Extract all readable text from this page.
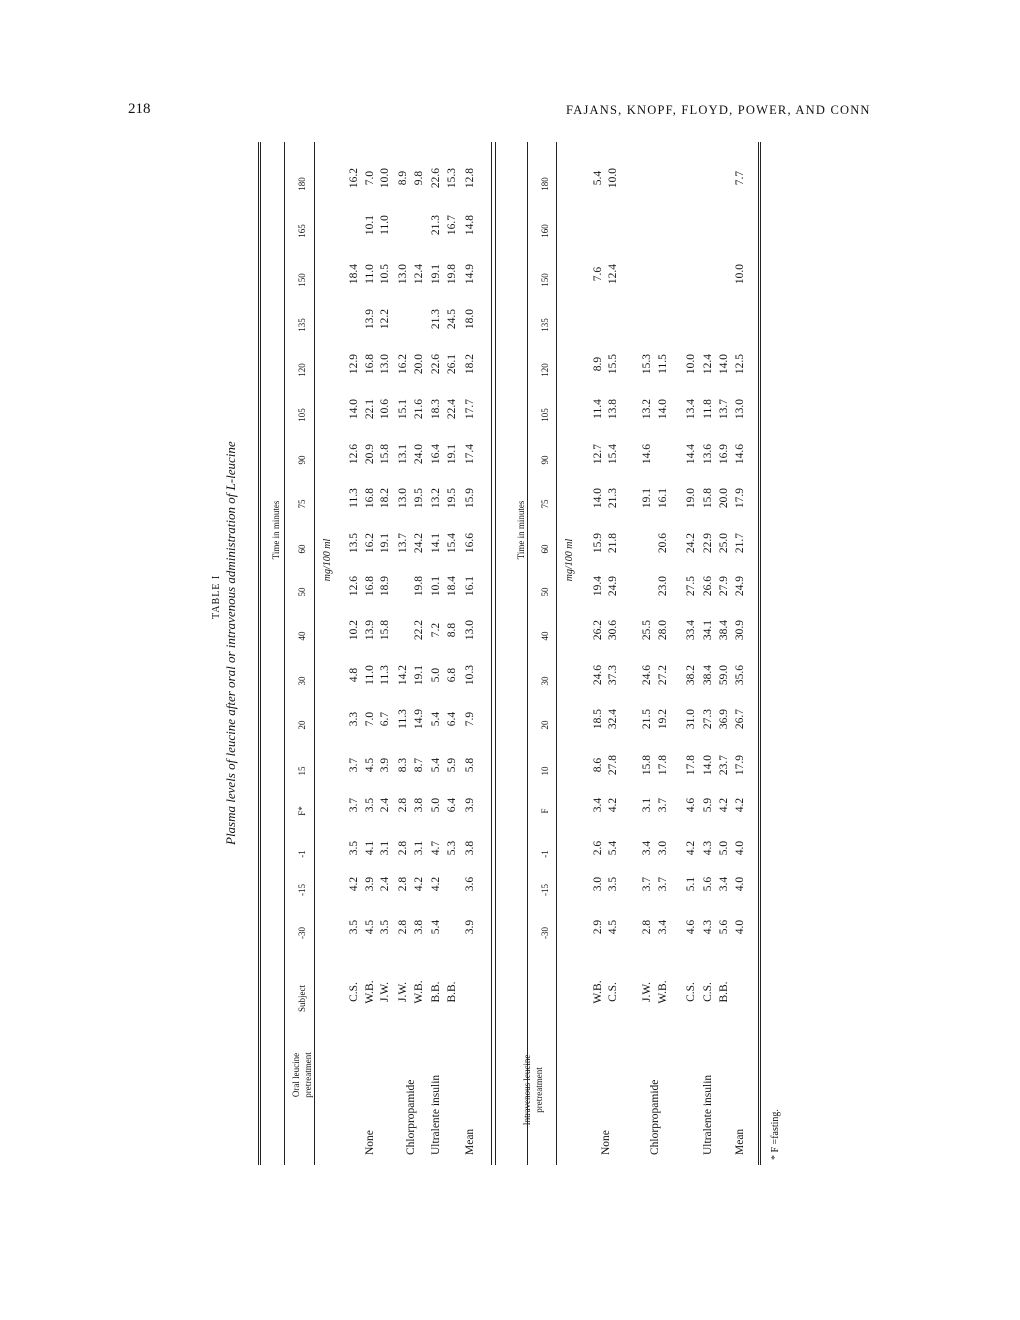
218	FAJANS, KNOPF, FLOYD, POWER, AND CONN
TABLE I Plasma levels of leucine after oral or intravenous administration of L-leucine	Time in minutes
Oral leucine pretreatment
Subject
-30
-15
-1
F*
15
20
30
40
50
60
75
90
105
120
135
150
165
180
mg/100 ml
None
C.S.
3.5
4.2
3.5
3.7
3.7
3.3
4.8
10.2
12.6
13.5
11.3
12.6
14.0
12.9
18.4
16.2
W.B.
4.5
3.9
4.1
3.5
4.5
7.0
11.0
13.9
16.8
16.2
16.8
20.9
22.1
16.8
13.9
11.0
10.1
7.0
J.W.
3.5
2.4
3.1
2.4
3.9
6.7
11.3
15.8
18.9
19.1
18.2
15.8
10.6
13.0
12.2
10.5
11.0
10.0
Chlorpropamide
J.W.
2.8
2.8
2.8
2.8
8.3
11.3
14.2
13.7
13.0
13.1
15.1
16.2
13.0
8.9
W.B.
3.8
4.2
3.1
3.8
8.7
14.9
19.1
22.2
19.8
24.2
19.5
24.0
21.6
20.0
12.4
9.8
Ultralente insulin
B.B.
5.4
4.2
4.7
5.0
5.4
5.4
5.0
7.2
10.1
14.1
13.2
16.4
18.3
22.6
21.3
19.1
21.3
22.6
B.B.
5.3
6.4
5.9
6.4
6.8
8.8
18.4
15.4
19.5
19.1
22.4
26.1
24.5
19.8
16.7
15.3
Mean
3.9
3.6
3.8
3.9
5.8
7.9
10.3
13.0
16.1
16.6
15.9
17.4
17.7
18.2
18.0
14.9
14.8
12.8
Time in minutes
Intravenous leucine pretreatment
-30
-15
-1
F
10
20
30
40
50
60
75
90
105
120
135
150
160
180
mg/100 ml
None
W.B.
2.9
3.0
2.6
3.4
8.6
18.5
24.6
26.2
19.4
15.9
14.0
12.7
11.4
8.9
7.6
5.4
C.S.
4.5
3.5
5.4
4.2
27.8
32.4
37.3
30.6
24.9
21.8
21.3
15.4
13.8
15.5
12.4
10.0
Chlorpropamide
J.W.
2.8
3.7
3.4
3.1
15.8
21.5
24.6
25.5
19.1
14.6
13.2
15.3
W.B.
3.4
3.7
3.0
3.7
17.8
19.2
27.2
28.0
23.0
20.6
16.1
14.0
11.5
Ultralente insulin
C.S.
4.6
5.1
4.2
4.6
17.8
31.0
38.2
33.4
27.5
24.2
19.0
14.4
13.4
10.0
C.S.
4.3
5.6
4.3
5.9
14.0
27.3
38.4
34.1
26.6
22.9
15.8
13.6
11.8
12.4
B.B.
5.6
3.4
5.0
4.2
23.7
36.9
59.0
38.4
27.9
25.0
20.0
16.9
13.7
14.0
Mean
4.0
4.0
4.0
4.2
17.9
26.7
35.6
30.9
24.9
21.7
17.9
14.6
13.0
12.5
10.0
7.7
* F =fasting.
